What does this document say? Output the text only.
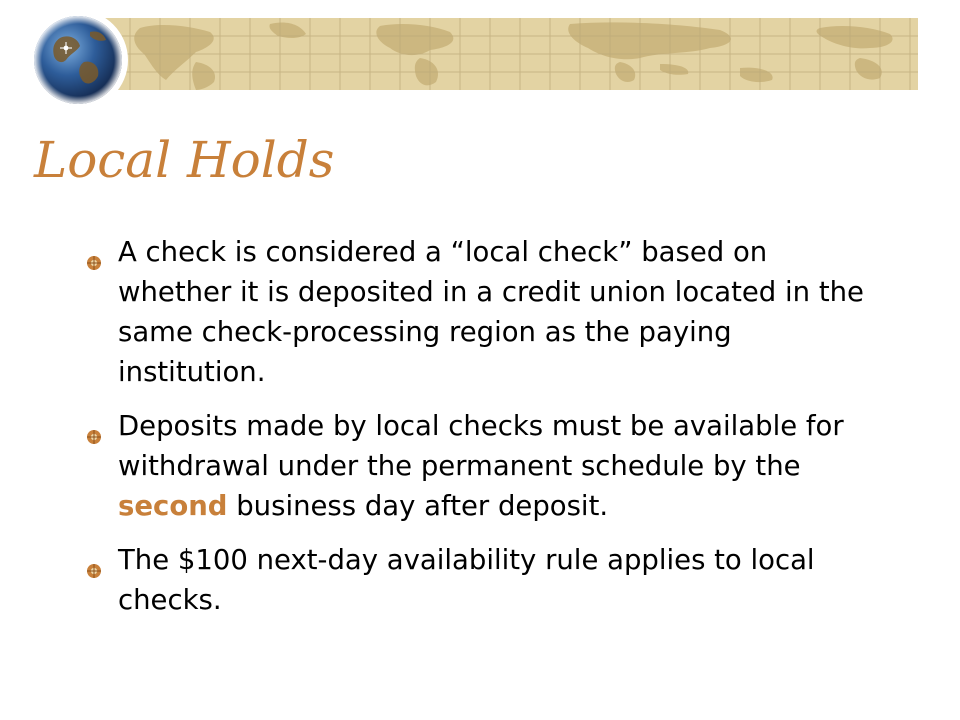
Local Holds
A check is considered a “local check” based on whether it is deposited in a credit union located in the same check-processing region as the paying institution.
Deposits made by local checks must be available for withdrawal under the permanent schedule by the second business day after deposit.
The $100 next-day availability rule applies to local checks.
